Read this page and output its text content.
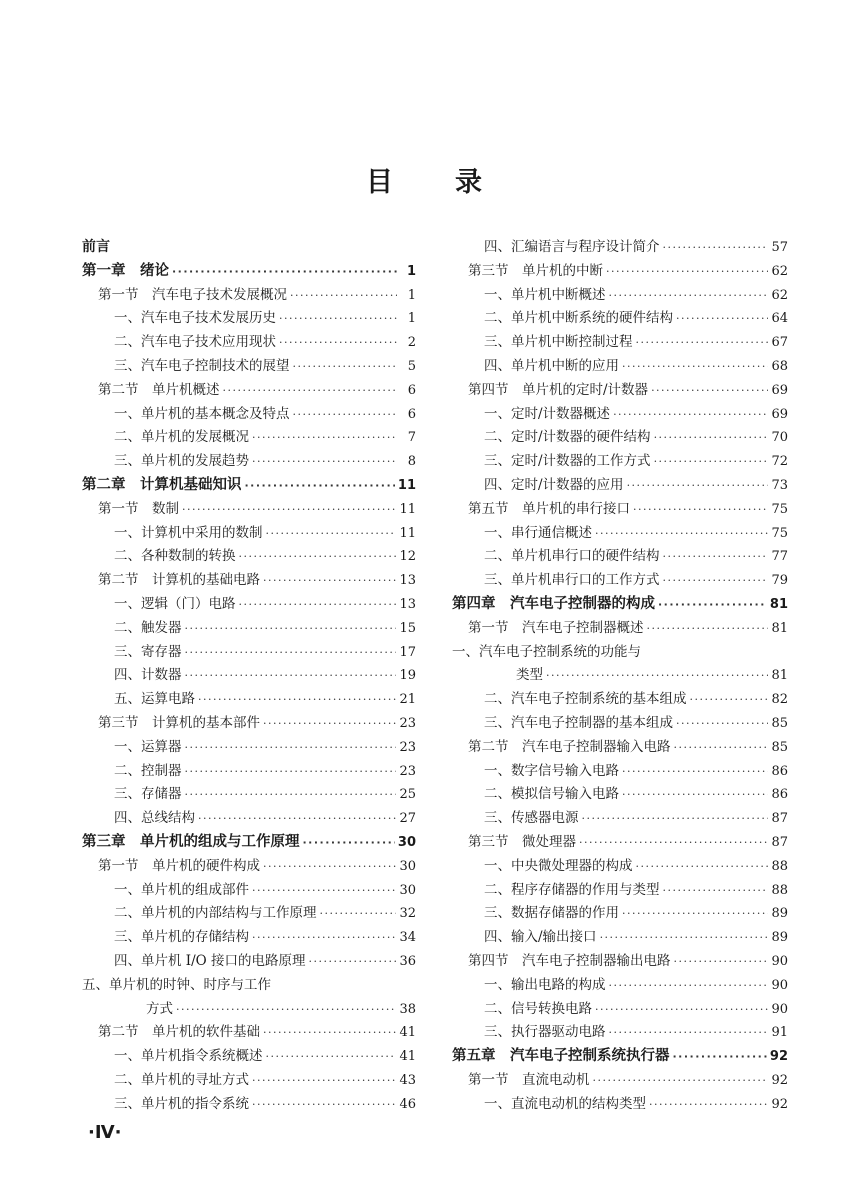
目录
前言
第一章　绪论 ·····	1
第一节　汽车电子技术发展概况 ·····	1
一、汽车电子技术发展历史 ·····	1
二、汽车电子技术应用现状 ·····	2
三、汽车电子控制技术的展望 ·····	5
第二节　单片机概述 ·····	6
一、单片机的基本概念及特点 ·····	6
二、单片机的发展概况 ·····	7
三、单片机的发展趋势 ·····	8
第二章　计算机基础知识 ·····	11
第一节　数制 ·····	11
一、计算机中采用的数制 ·····	11
二、各种数制的转换 ·····	12
第二节　计算机的基础电路 ·····	13
一、逻辑（门）电路 ·····	13
二、触发器 ·····	15
三、寄存器 ·····	17
四、计数器 ·····	19
五、运算电路 ·····	21
第三节　计算机的基本部件 ·····	23
一、运算器 ·····	23
二、控制器 ·····	23
三、存储器 ·····	25
四、总线结构 ·····	27
第三章　单片机的组成与工作原理 ·····	30
第一节　单片机的硬件构成 ·····	30
一、单片机的组成部件 ·····	30
二、单片机的内部结构与工作原理 ·····	32
三、单片机的存储结构 ·····	34
四、单片机 I/O 接口的电路原理 ·····	36
五、单片机的时钟、时序与工作
方式 ·····	38
第二节　单片机的软件基础 ·····	41
一、单片机指令系统概述 ·····	41
二、单片机的寻址方式 ·····	43
三、单片机的指令系统 ·····	46
四、汇编语言与程序设计简介 ·····	57
第三节　单片机的中断 ·····	62
一、单片机中断概述 ·····	62
二、单片机中断系统的硬件结构 ·····	64
三、单片机中断控制过程 ·····	67
四、单片机中断的应用 ·····	68
第四节　单片机的定时/计数器 ·····	69
一、定时/计数器概述 ·····	69
二、定时/计数器的硬件结构 ·····	70
三、定时/计数器的工作方式 ·····	72
四、定时/计数器的应用 ·····	73
第五节　单片机的串行接口 ·····	75
一、串行通信概述 ·····	75
二、单片机串行口的硬件结构 ·····	77
三、单片机串行口的工作方式 ·····	79
第四章　汽车电子控制器的构成 ·····	81
第一节　汽车电子控制器概述 ·····	81
一、汽车电子控制系统的功能与
类型 ·····	81
二、汽车电子控制系统的基本组成 ·····	82
三、汽车电子控制器的基本组成 ·····	85
第二节　汽车电子控制器输入电路 ·····	85
一、数字信号输入电路 ·····	86
二、模拟信号输入电路 ·····	86
三、传感器电源 ·····	87
第三节　微处理器 ·····	87
一、中央微处理器的构成 ·····	88
二、程序存储器的作用与类型 ·····	88
三、数据存储器的作用 ·····	89
四、输入/输出接口 ·····	89
第四节　汽车电子控制器输出电路 ·····	90
一、输出电路的构成 ·····	90
二、信号转换电路 ·····	90
三、执行器驱动电路 ·····	91
第五章　汽车电子控制系统执行器 ·····	92
第一节　直流电动机 ·····	92
一、直流电动机的结构类型 ·····	92
·Ⅳ·
